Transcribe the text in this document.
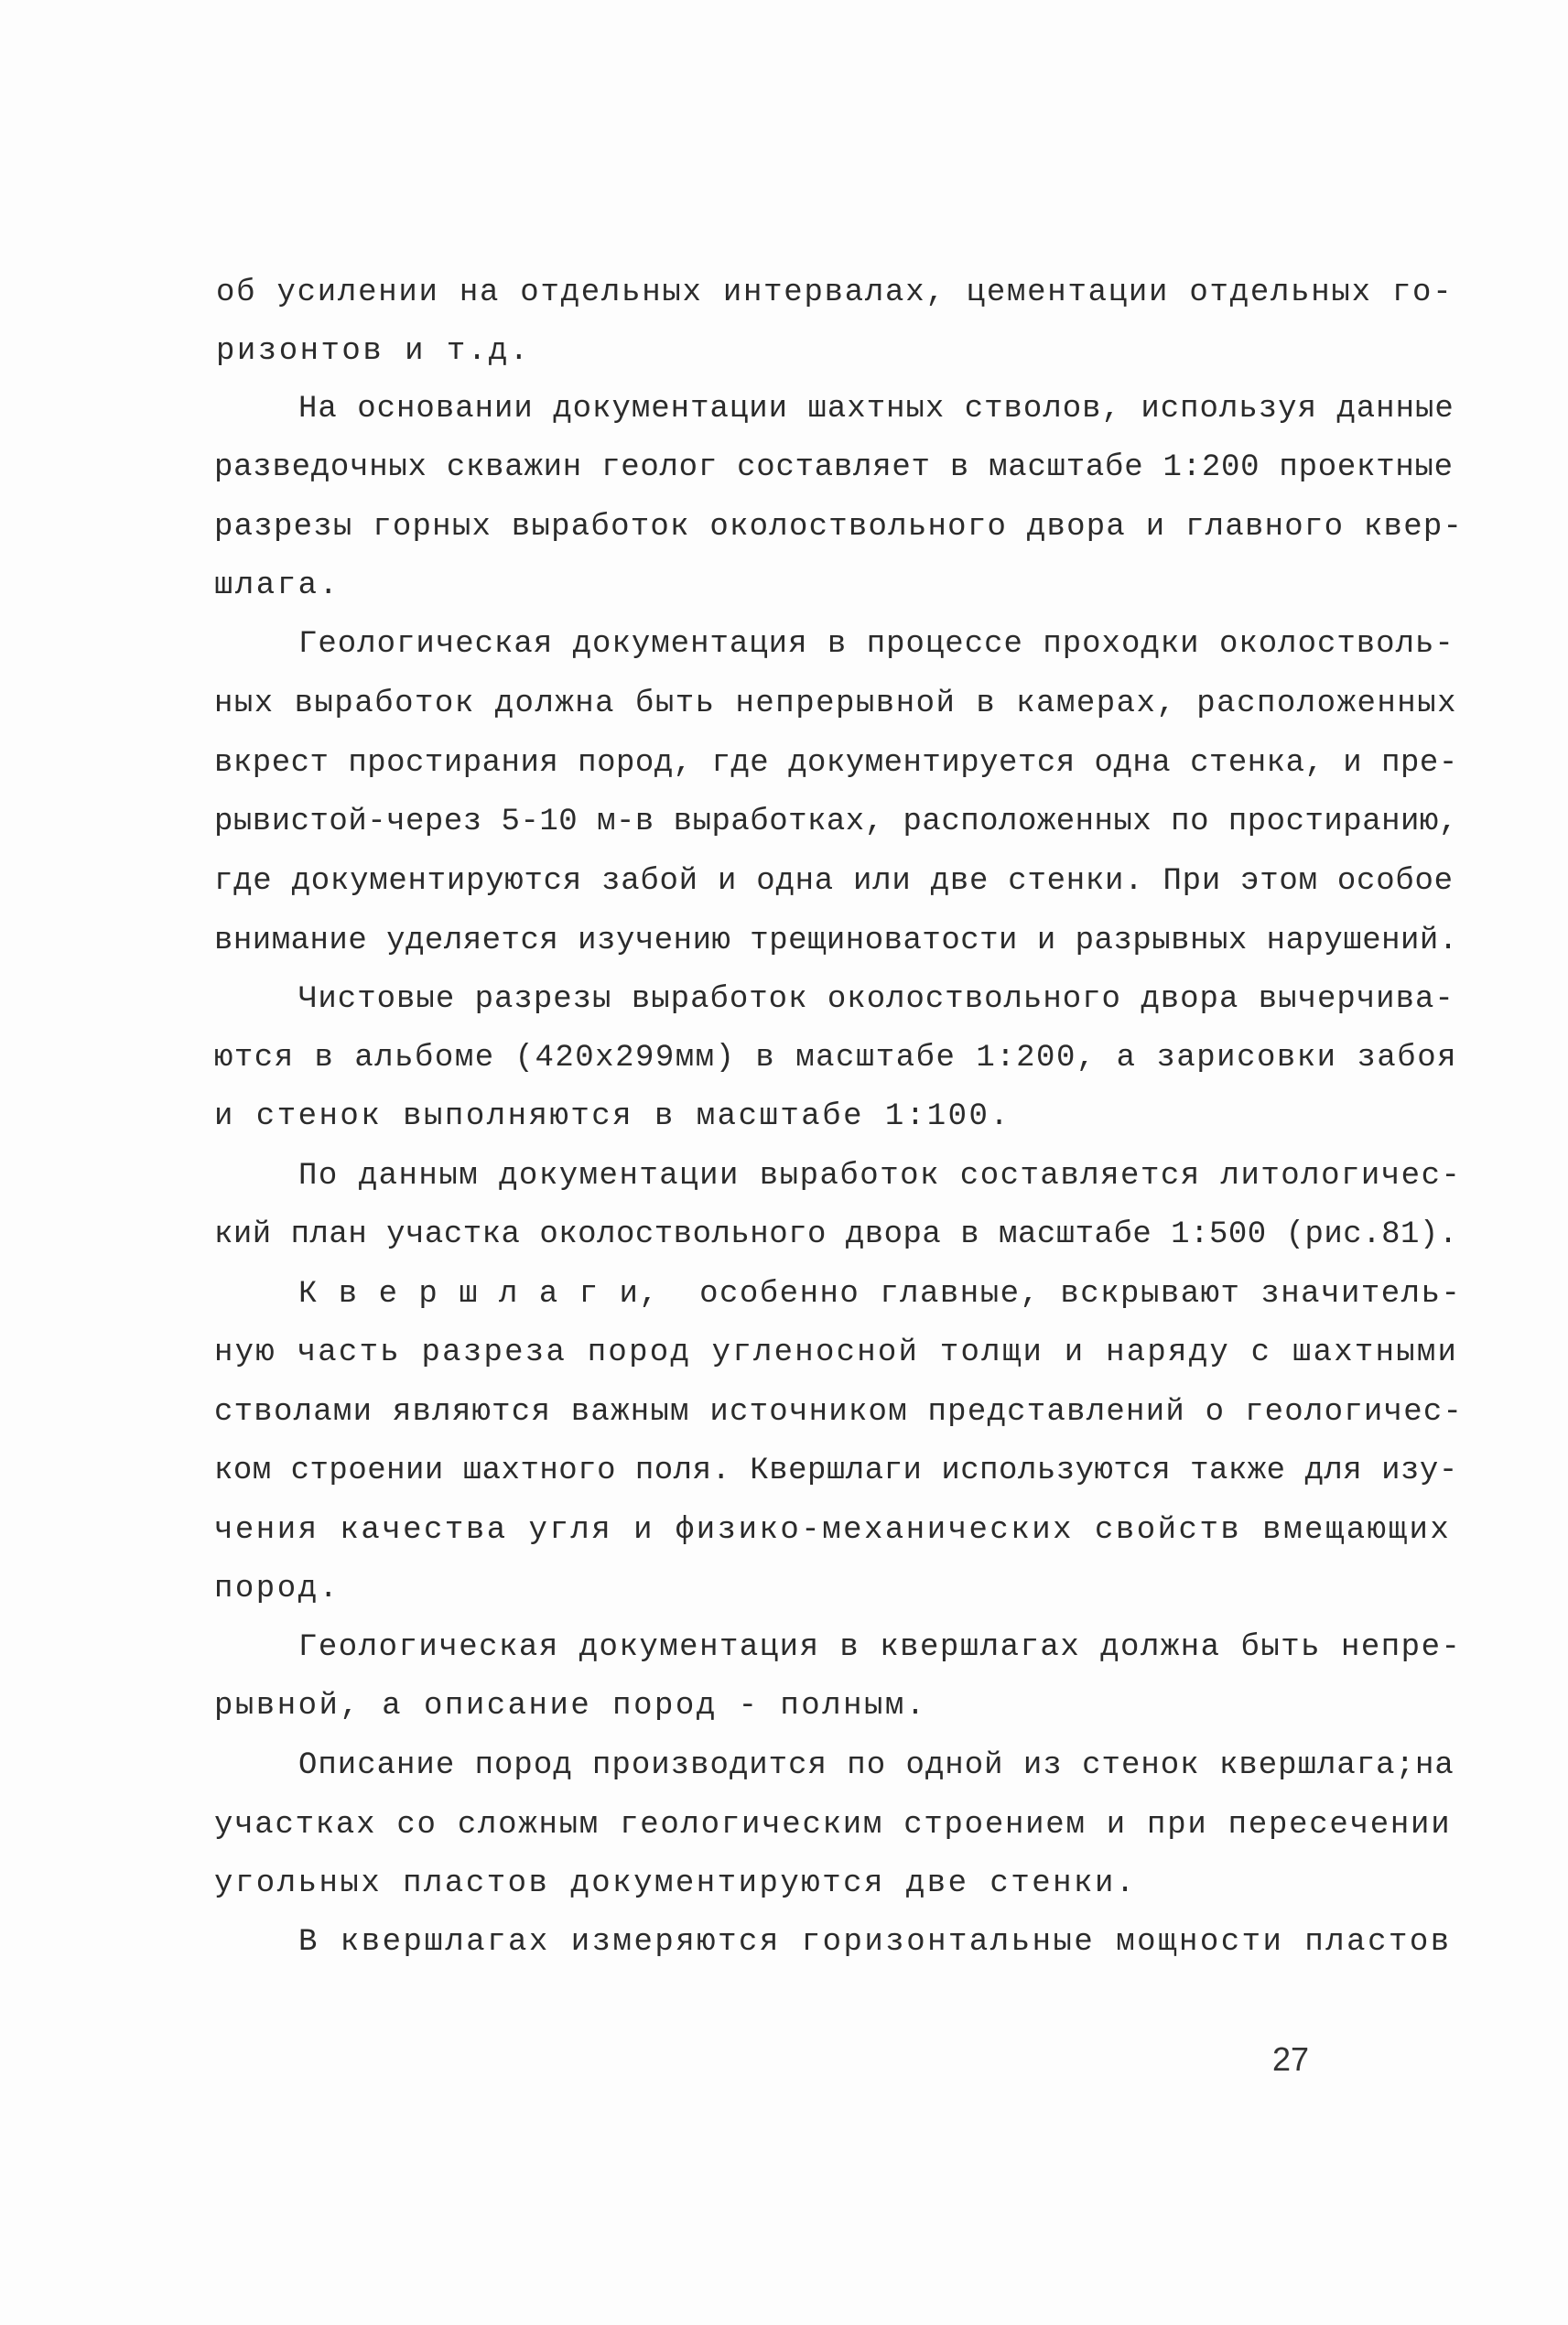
об усилении на отдельных интервалах, цементации отдельных го-
ризонтов и т.д.
На основании документации шахтных стволов, используя данные
разведочных скважин геолог составляет в масштабе 1:200 проектные
разрезы горных выработок околоствольного двора и главного квер-
шлага.
Геологическая документация в процессе проходки околостволь-
ных выработок должна быть непрерывной в камерах, расположенных
вкрест простирания пород, где документируется одна стенка, и пре-
рывистой-через 5-10 м-в выработках, расположенных по простиранию,
где документируются забой и одна или две стенки. При этом особое
внимание уделяется изучению трещиноватости и разрывных нарушений.
Чистовые разрезы выработок околоствольного двора вычерчива-
ются в альбоме (420х299мм) в масштабе 1:200, а зарисовки забоя
и стенок выполняются в масштабе 1:100.
По данным документации выработок составляется литологичес-
кий план участка околоствольного двора в масштабе 1:500 (рис.81).
К в е р ш л а г и,  особенно главные, вскрывают значитель-
ную часть разреза пород угленосной толщи и наряду с шахтными
стволами являются важным источником представлений о геологичес-
ком строении шахтного поля. Квершлаги используются также для изу-
чения качества угля и физико-механических свойств вмещающих
пород.
Геологическая документация в квершлагах должна быть непре-
рывной, а описание пород - полным.
Описание пород производится по одной из стенок квершлага;на
участках со сложным геологическим строением и при пересечении
угольных пластов документируются две стенки.
В квершлагах измеряются горизонтальные мощности пластов
27
